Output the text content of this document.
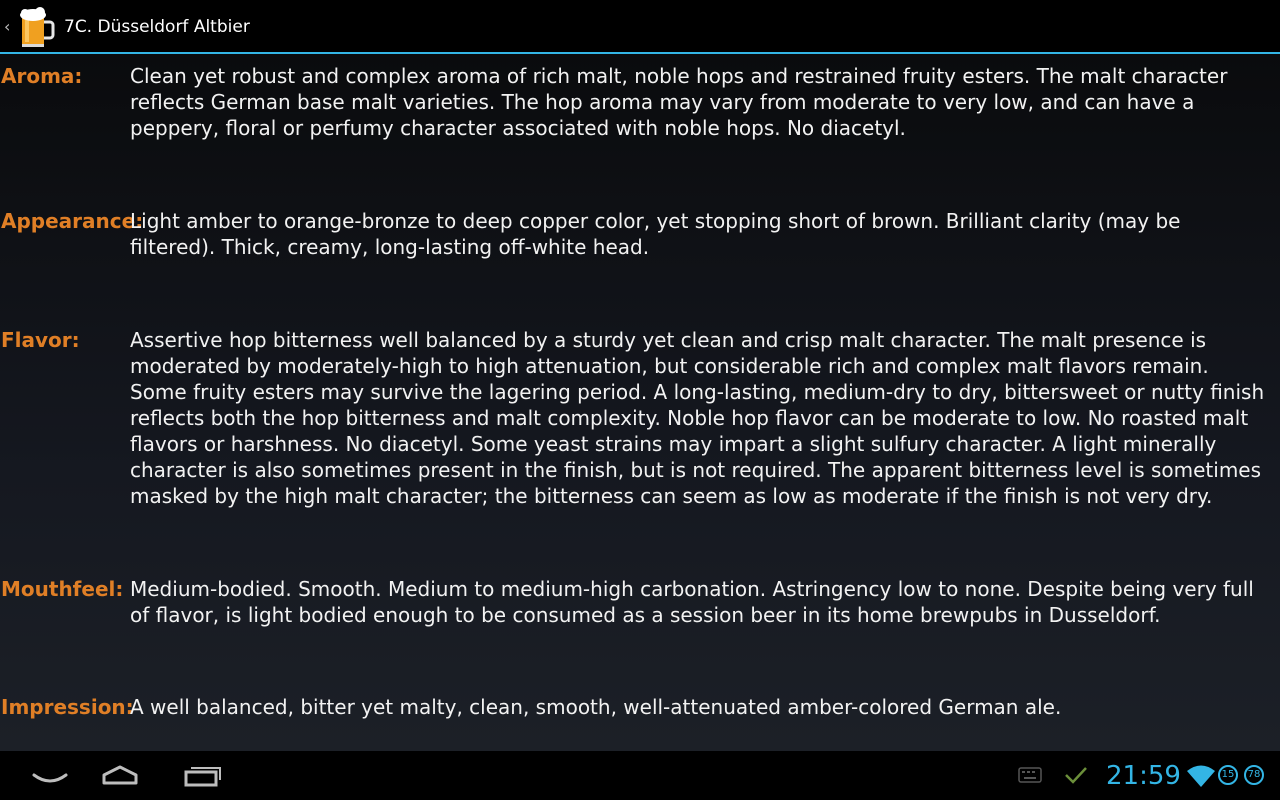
‹	7C. Düsseldorf Altbier
Aroma: Clean yet robust and complex aroma of rich malt, noble hops and restrained fruity esters. The malt character reflects German base malt varieties. The hop aroma may vary from moderate to very low, and can have a peppery, floral or perfumy character associated with noble hops. No diacetyl.
Appearance:
Light amber to orange-bronze to deep copper color, yet stopping short of brown. Brilliant clarity (may be filtered). Thick, creamy, long-lasting off-white head.
Flavor:	Assertive hop bitterness well balanced by a sturdy yet clean and crisp malt character. The malt presence is moderated by moderately-high to high attenuation, but considerable rich and complex malt flavors remain. Some fruity esters may survive the lagering period. A long-lasting, medium-dry to dry, bittersweet or nutty finish reflects both the hop bitterness and malt complexity. Noble hop flavor can be moderate to low. No roasted malt flavors or harshness. No diacetyl. Some yeast strains may impart a slight sulfury character. A light minerally character is also sometimes present in the finish, but is not required. The apparent bitterness level is sometimes masked by the high malt character; the bitterness can seem as low as moderate if the finish is not very dry.
Mouthfeel: Medium-bodied. Smooth. Medium to medium-high carbonation. Astringency low to none. Despite being very full of flavor, is light bodied enough to be consumed as a session beer in its home brewpubs in Dusseldorf.
Impression:
A well balanced, bitter yet malty, clean, smooth, well-attenuated amber-colored German ale.
21:59	15	78
